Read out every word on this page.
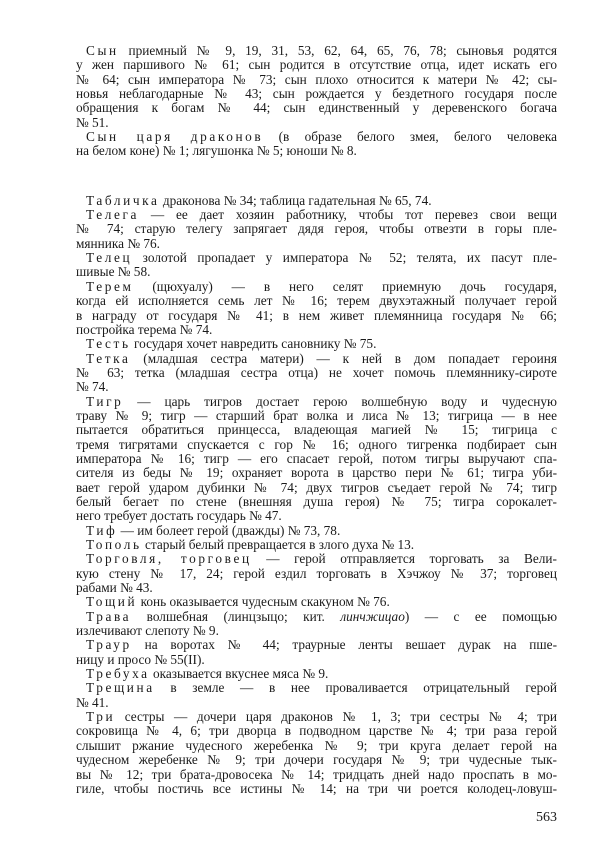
Сын приемный № 9, 19, 31, 53, 62, 64, 65, 76, 78; сыновья родятся
у жен паршивого № 61; сын родится в отсутствие отца, идет искать его
№ 64; сын императора № 73; сын плохо относится к матери № 42; сы-
новья неблагодарные № 43; сын рождается у бездетного государя после
обращения к богам № 44; сын единственный у деревенского богача
№ 51.
Сын царя драконов (в образе белого змея, белого человека
на белом коне) № 1; лягушонка № 5; юноши № 8.
Табличка драконова № 34; таблица гадательная № 65, 74.
Телега — ее дает хозяин работнику, чтобы тот перевез свои вещи
№ 74; старую телегу запрягает дядя героя, чтобы отвезти в горы пле-
мянника № 76.
Телец золотой пропадает у императора № 52; телята, их пасут пле-
шивые № 58.
Терем (щюхуалу) — в него селят приемную дочь государя,
когда ей исполняется семь лет № 16; терем двухэтажный получает герой
в награду от государя № 41; в нем живет племянница государя № 66;
постройка терема № 74.
Тесть государя хочет навредить сановнику № 75.
Тетка (младшая сестра матери) — к ней в дом попадает героиня
№ 63; тетка (младшая сестра отца) не хочет помочь племяннику-сироте
№ 74.
Тигр — царь тигров достает герою волшебную воду и чудесную
траву № 9; тигр — старший брат волка и лиса № 13; тигрица — в нее
пытается обратиться принцесса, владеющая магией № 15; тигрица с
тремя тигрятами спускается с гор № 16; одного тигренка подбирает сын
императора № 16; тигр — его спасает герой, потом тигры выручают спа-
сителя из беды № 19; охраняет ворота в царство пери № 61; тигра уби-
вает герой ударом дубинки № 74; двух тигров съедает герой № 74; тигр
белый бегает по стене (внешняя душа героя) № 75; тигра сорокалет-
него требует достать государь № 47.
Тиф — им болеет герой (дважды) № 73, 78.
Тополь старый белый превращается в злого духа № 13.
Торговля, торговец — герой отправляется торговать за Вели-
кую стену № 17, 24; герой ездил торговать в Хэчжоу № 37; торговец
рабами № 43.
Тощий конь оказывается чудесным скакуном № 76.
Трава волшебная (линцзыцо; кит. линчжицао) — с ее помощью
излечивают слепоту № 9.
Траур на воротах № 44; траурные ленты вешает дурак на пше-
ницу и просо № 55(II).
Требуха оказывается вкуснее мяса № 9.
Трещина в земле — в нее проваливается отрицательный герой
№ 41.
Три сестры — дочери царя драконов № 1, 3; три сестры № 4; три
сокровища № 4, 6; три дворца в подводном царстве № 4; три раза герой
слышит ржание чудесного жеребенка № 9; три круга делает герой на
чудесном жеребенке № 9; три дочери государя № 9; три чудесные тык-
вы № 12; три брата-дровосека № 14; тридцать дней надо проспать в мо-
гиле, чтобы постичь все истины № 14; на три чи роется колодец-ловуш-
563
